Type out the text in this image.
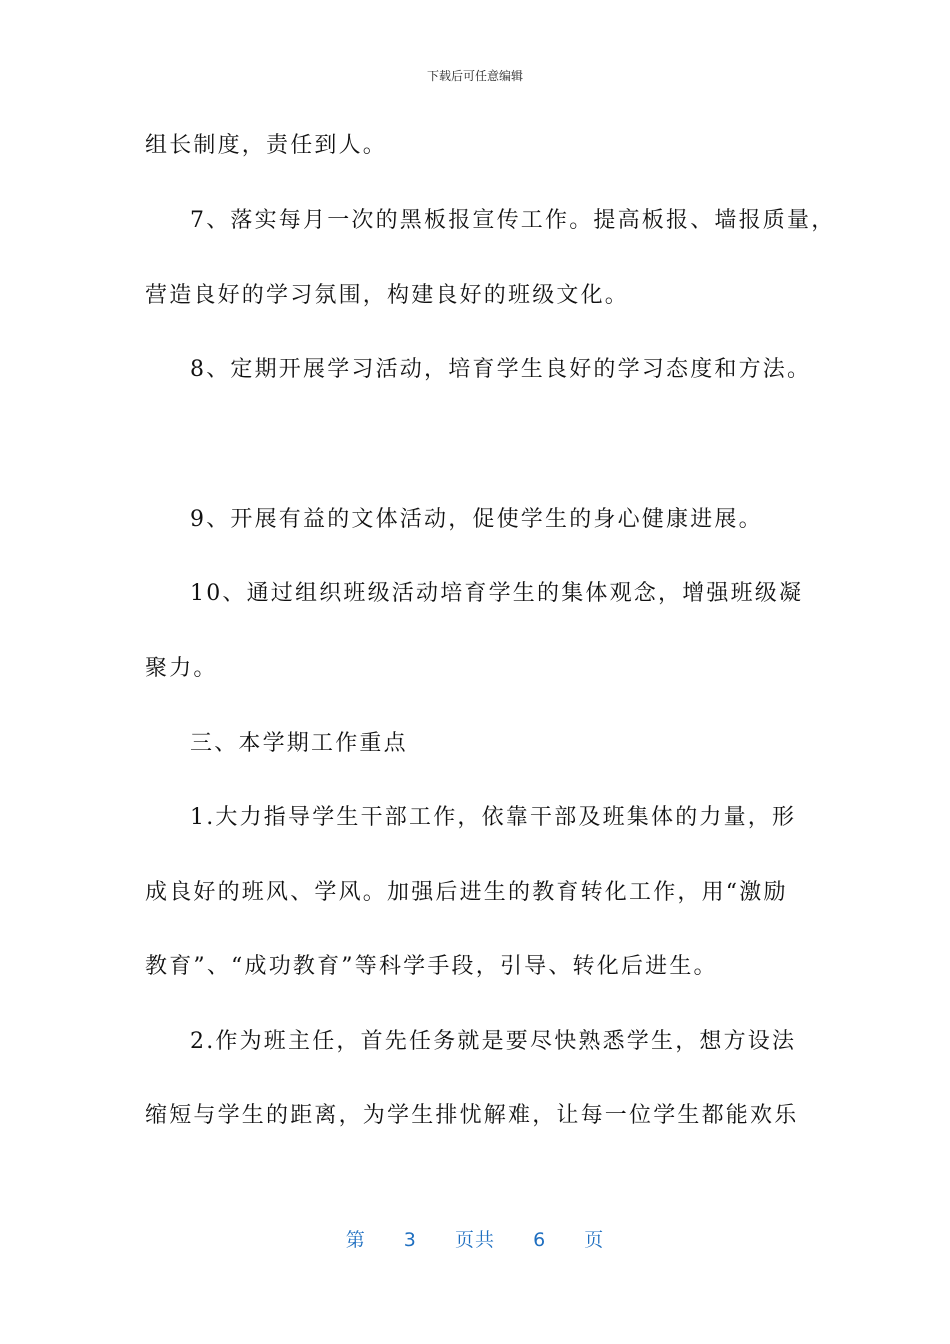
下载后可任意编辑
组长制度，责任到人。
7、落实每月一次的黑板报宣传工作。提高板报、墙报质量，
营造良好的学习氛围，构建良好的班级文化。
8、定期开展学习活动，培育学生良好的学习态度和方法。
9、开展有益的文体活动，促使学生的身心健康进展。
10、通过组织班级活动培育学生的集体观念，增强班级凝
聚力。
三、本学期工作重点
1.大力指导学生干部工作，依靠干部及班集体的力量，形
成良好的班风、学风。加强后进生的教育转化工作，用“激励
教育”、“成功教育”等科学手段，引导、转化后进生。
2.作为班主任，首先任务就是要尽快熟悉学生，想方设法
缩短与学生的距离，为学生排忧解难，让每一位学生都能欢乐
第 3 页共 6 页
